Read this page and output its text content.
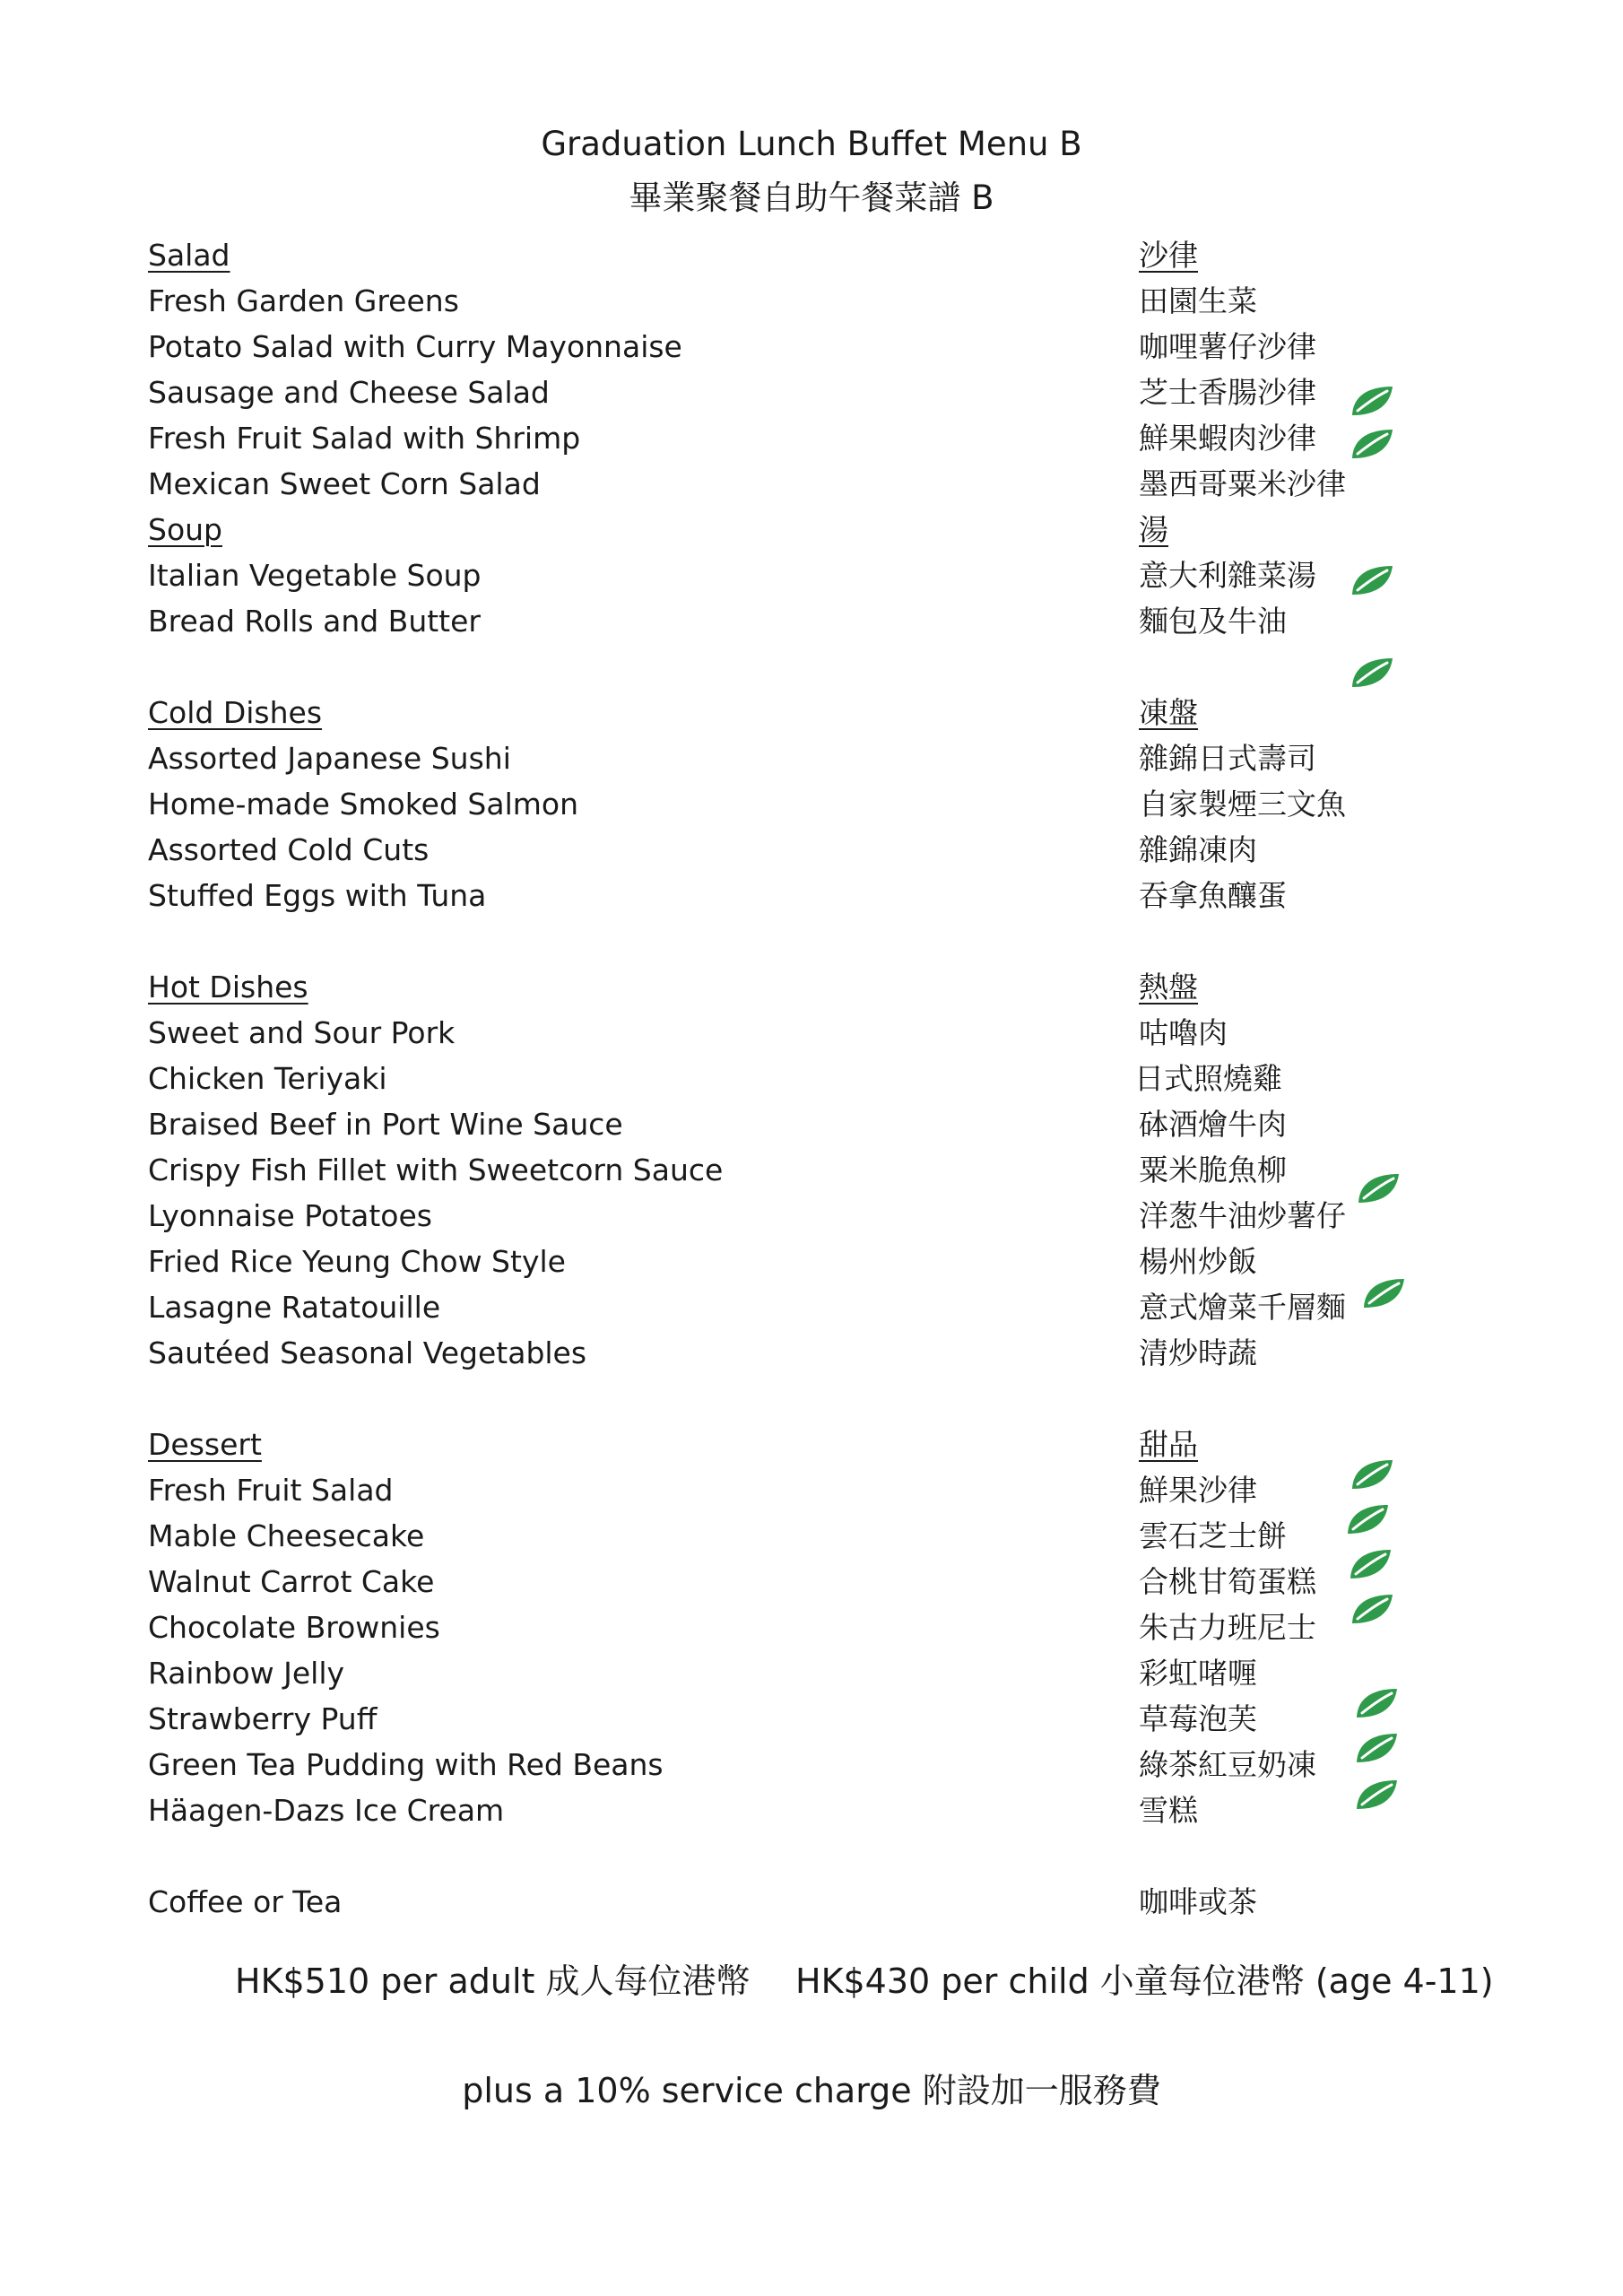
Graduation Lunch Buffet Menu B
畢業聚餐自助午餐菜譜 B
Salad	沙律
Fresh Garden Greens	田園生菜
Potato Salad with Curry Mayonnaise	咖哩薯仔沙律
Sausage and Cheese Salad	芝士香腸沙律
Fresh Fruit Salad with Shrimp	鮮果蝦肉沙律
Mexican Sweet Corn Salad	墨西哥粟米沙律
Soup	湯
Italian Vegetable Soup	意大利雜菜湯
Bread Rolls and Butter	麵包及牛油
Cold Dishes	凍盤
Assorted Japanese Sushi	雜錦日式壽司
Home-made Smoked Salmon	自家製煙三文魚
Assorted Cold Cuts	雜錦凍肉
Stuffed Eggs with Tuna	吞拿魚釀蛋
Hot Dishes	熱盤
Sweet and Sour Pork	咕嚕肉
Chicken Teriyaki	日式照燒雞
Braised Beef in Port Wine Sauce	砵酒燴牛肉
Crispy Fish Fillet with Sweetcorn Sauce	粟米脆魚柳
Lyonnaise Potatoes	洋葱牛油炒薯仔
Fried Rice Yeung Chow Style	楊州炒飯
Lasagne Ratatouille	意式燴菜千層麵
Sautéed Seasonal Vegetables	清炒時蔬
Dessert	甜品
Fresh Fruit Salad	鮮果沙律
Mable Cheesecake	雲石芝士餅
Walnut Carrot Cake	合桃甘筍蛋糕
Chocolate Brownies	朱古力班尼士
Rainbow Jelly	彩虹啫喱
Strawberry Puff	草莓泡芙
Green Tea Pudding with Red Beans	綠茶紅豆奶凍
Häagen-Dazs Ice Cream	雪糕
Coffee or Tea	咖啡或茶
HK$510 per adult 成人每位港幣 HK$430 per child 小童每位港幣 (age 4-11)
plus a 10% service charge 附設加一服務費
